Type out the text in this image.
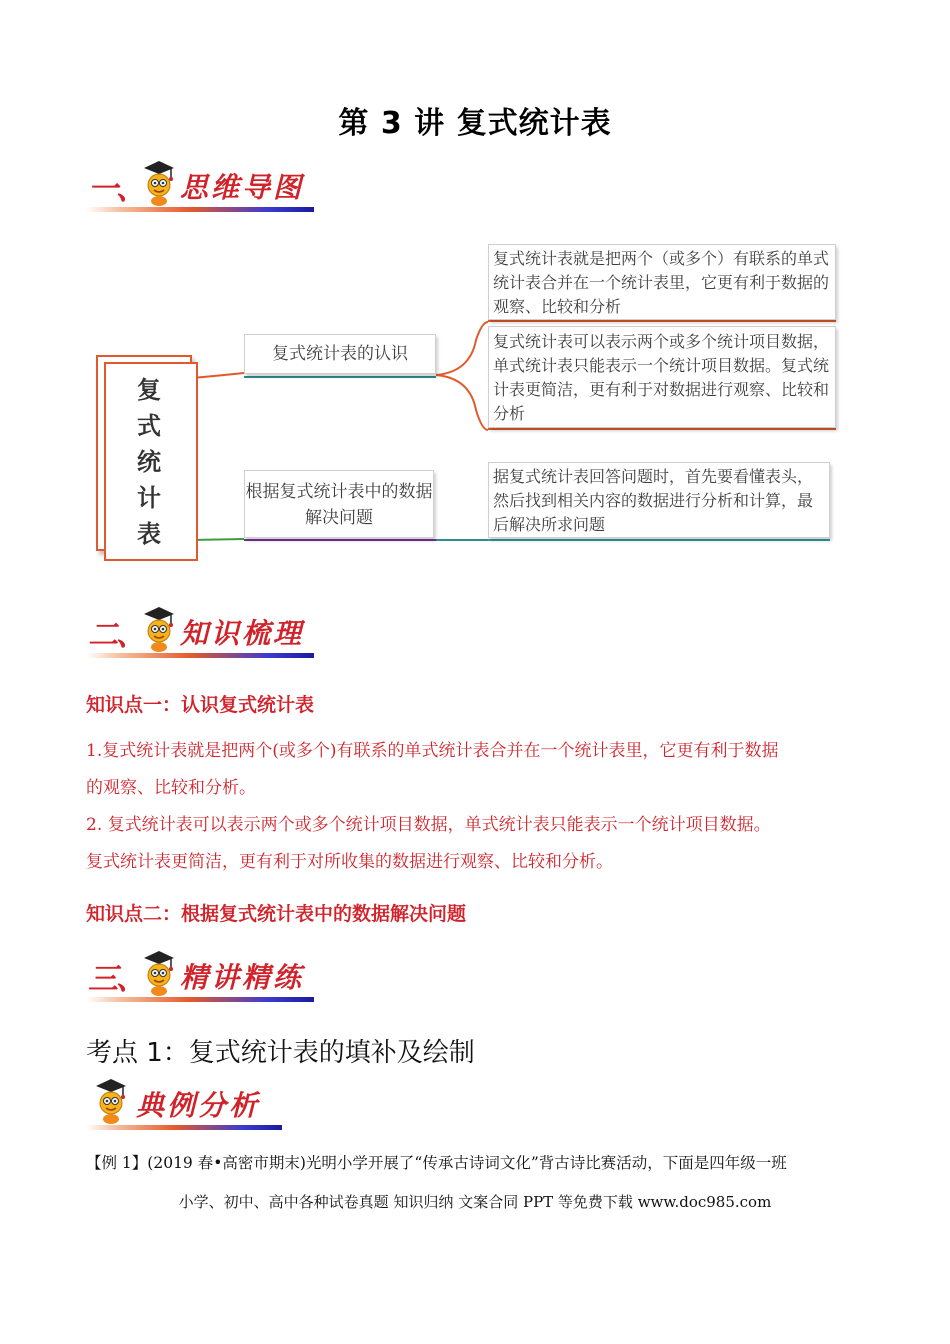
第 3 讲 复式统计表
一、 思维导图
复式统计表
复式统计表的认识
根据复式统计表中的数据解决问题
复式统计表就是把两个（或多个）有联系的单式统计表合并在一个统计表里，它更有利于数据的观察、比较和分析
复式统计表可以表示两个或多个统计项目数据，单式统计表只能表示一个统计项目数据。复式统计表更简洁，更有利于对数据进行观察、比较和分析
据复式统计表回答问题时，首先要看懂表头，然后找到相关内容的数据进行分析和计算，最后解决所求问题
二、 知识梳理
知识点一：认识复式统计表
1.复式统计表就是把两个(或多个)有联系的单式统计表合并在一个统计表里，它更有利于数据
的观察、比较和分析。
2. 复式统计表可以表示两个或多个统计项目数据，单式统计表只能表示一个统计项目数据。
复式统计表更简洁，更有利于对所收集的数据进行观察、比较和分析。
知识点二：根据复式统计表中的数据解决问题
三、 精讲精练
考点 1：复式统计表的填补及绘制
典例分析
【例 1】(2019 春•高密市期末)光明小学开展了“传承古诗词文化”背古诗比赛活动，下面是四年级一班
小学、初中、高中各种试卷真题 知识归纳 文案合同 PPT 等免费下载 www.doc985.com
